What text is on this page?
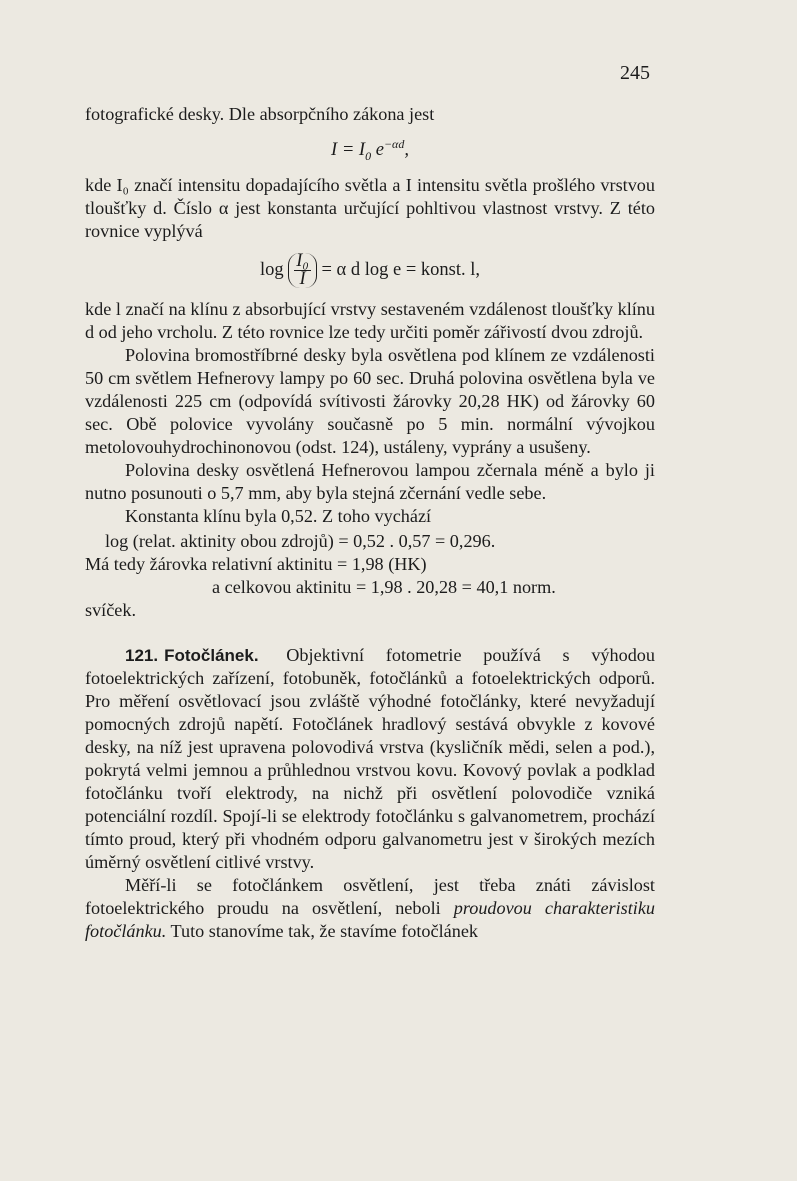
245

fotografické desky. Dle absorpčního zákona jest

$I = I_0$ $e^{-\alpha d}$,

kde I₀ značí intensitu dopadajícího světla a I intensitu světla prošlého vrstvou tloušťky d. Číslo α jest konstanta určující pohltivou vlastnost vrstvy. Z této rovnice vyplývá

$\log \frac{\text{I₀}}{I} = \alpha$ d log e = konst. l,

kde l značí na klínu z absorbující vrstvy sestaveném vzdálenost tloušťky klínu d od jeho vrcholu. Z této rovnice lze tedy určiti poměr zářivostí dvou zdrojů.

Polovina bromostříbrné desky byla osvětlena pod klínem ze vzdálenosti 50 cm světlem Hefnerovy lampy po 60 sec. Druhá polovina osvětlena byla ve vzdálenosti 225 cm (odpovídá svítivosti žárovky 20,28 HK) od žárovky 60 sec. Obě polovice vyvolány současně po 5 min. normální vývojkou metolovouhydrochinonovou (odst. 124), ustáleny, vyprány a usušeny.

Polovina desky osvětlená Hefnerovou lampou zčernala méně a bylo ji nutno posunouti o 5,7 mm, aby byla stejná zčernání vedle sebe.

Konstanta klínu byla 0,52. Z toho vychází

log (relat. aktinity obou zdrojů) = 0,52 . 0,57 = 0,296.
Má tedy žárovka relativní aktinitu = 1,98 (HK)
a celkovou aktinitu = 1,98 . 20,28 = 40,1 norm.
svíček.

121. Fotočlánek. Objektivní fotometrie používá s výhodou fotoelektrických zařízení, fotobuněk, fotočlánků a fotoelektrických odporů. Pro měření osvětlovací jsou zvláště výhodné fotočlánky, které nevyžadují pomocných zdrojů napětí. Fotočlánek hradlový sestává obvykle z kovové desky, na níž jest upravena polovodivá vrstva (kysličník mědi, selen a pod.), pokrytá velmi jemnou a průhlednou vrstvou kovu. Kovový povlak a podklad fotočlánku tvoří elektrody, na nichž při osvětlení polovodiče vzniká potenciální rozdíl. Spojí-li se elektrody fotočlánku s galvanometrem, prochází tímto proud, který při vhodném odporu galvanometru jest v širokých mezích úměrný osvětlení citlivé vrstvy.

Měří-li se fotočlánkem osvětlení, jest třeba znáti závislost fotoelektrického proudu na osvětlení, neboli proudovou charakteristiku fotočlánku. Tuto stanovíme tak, že stavíme fotočlánek
